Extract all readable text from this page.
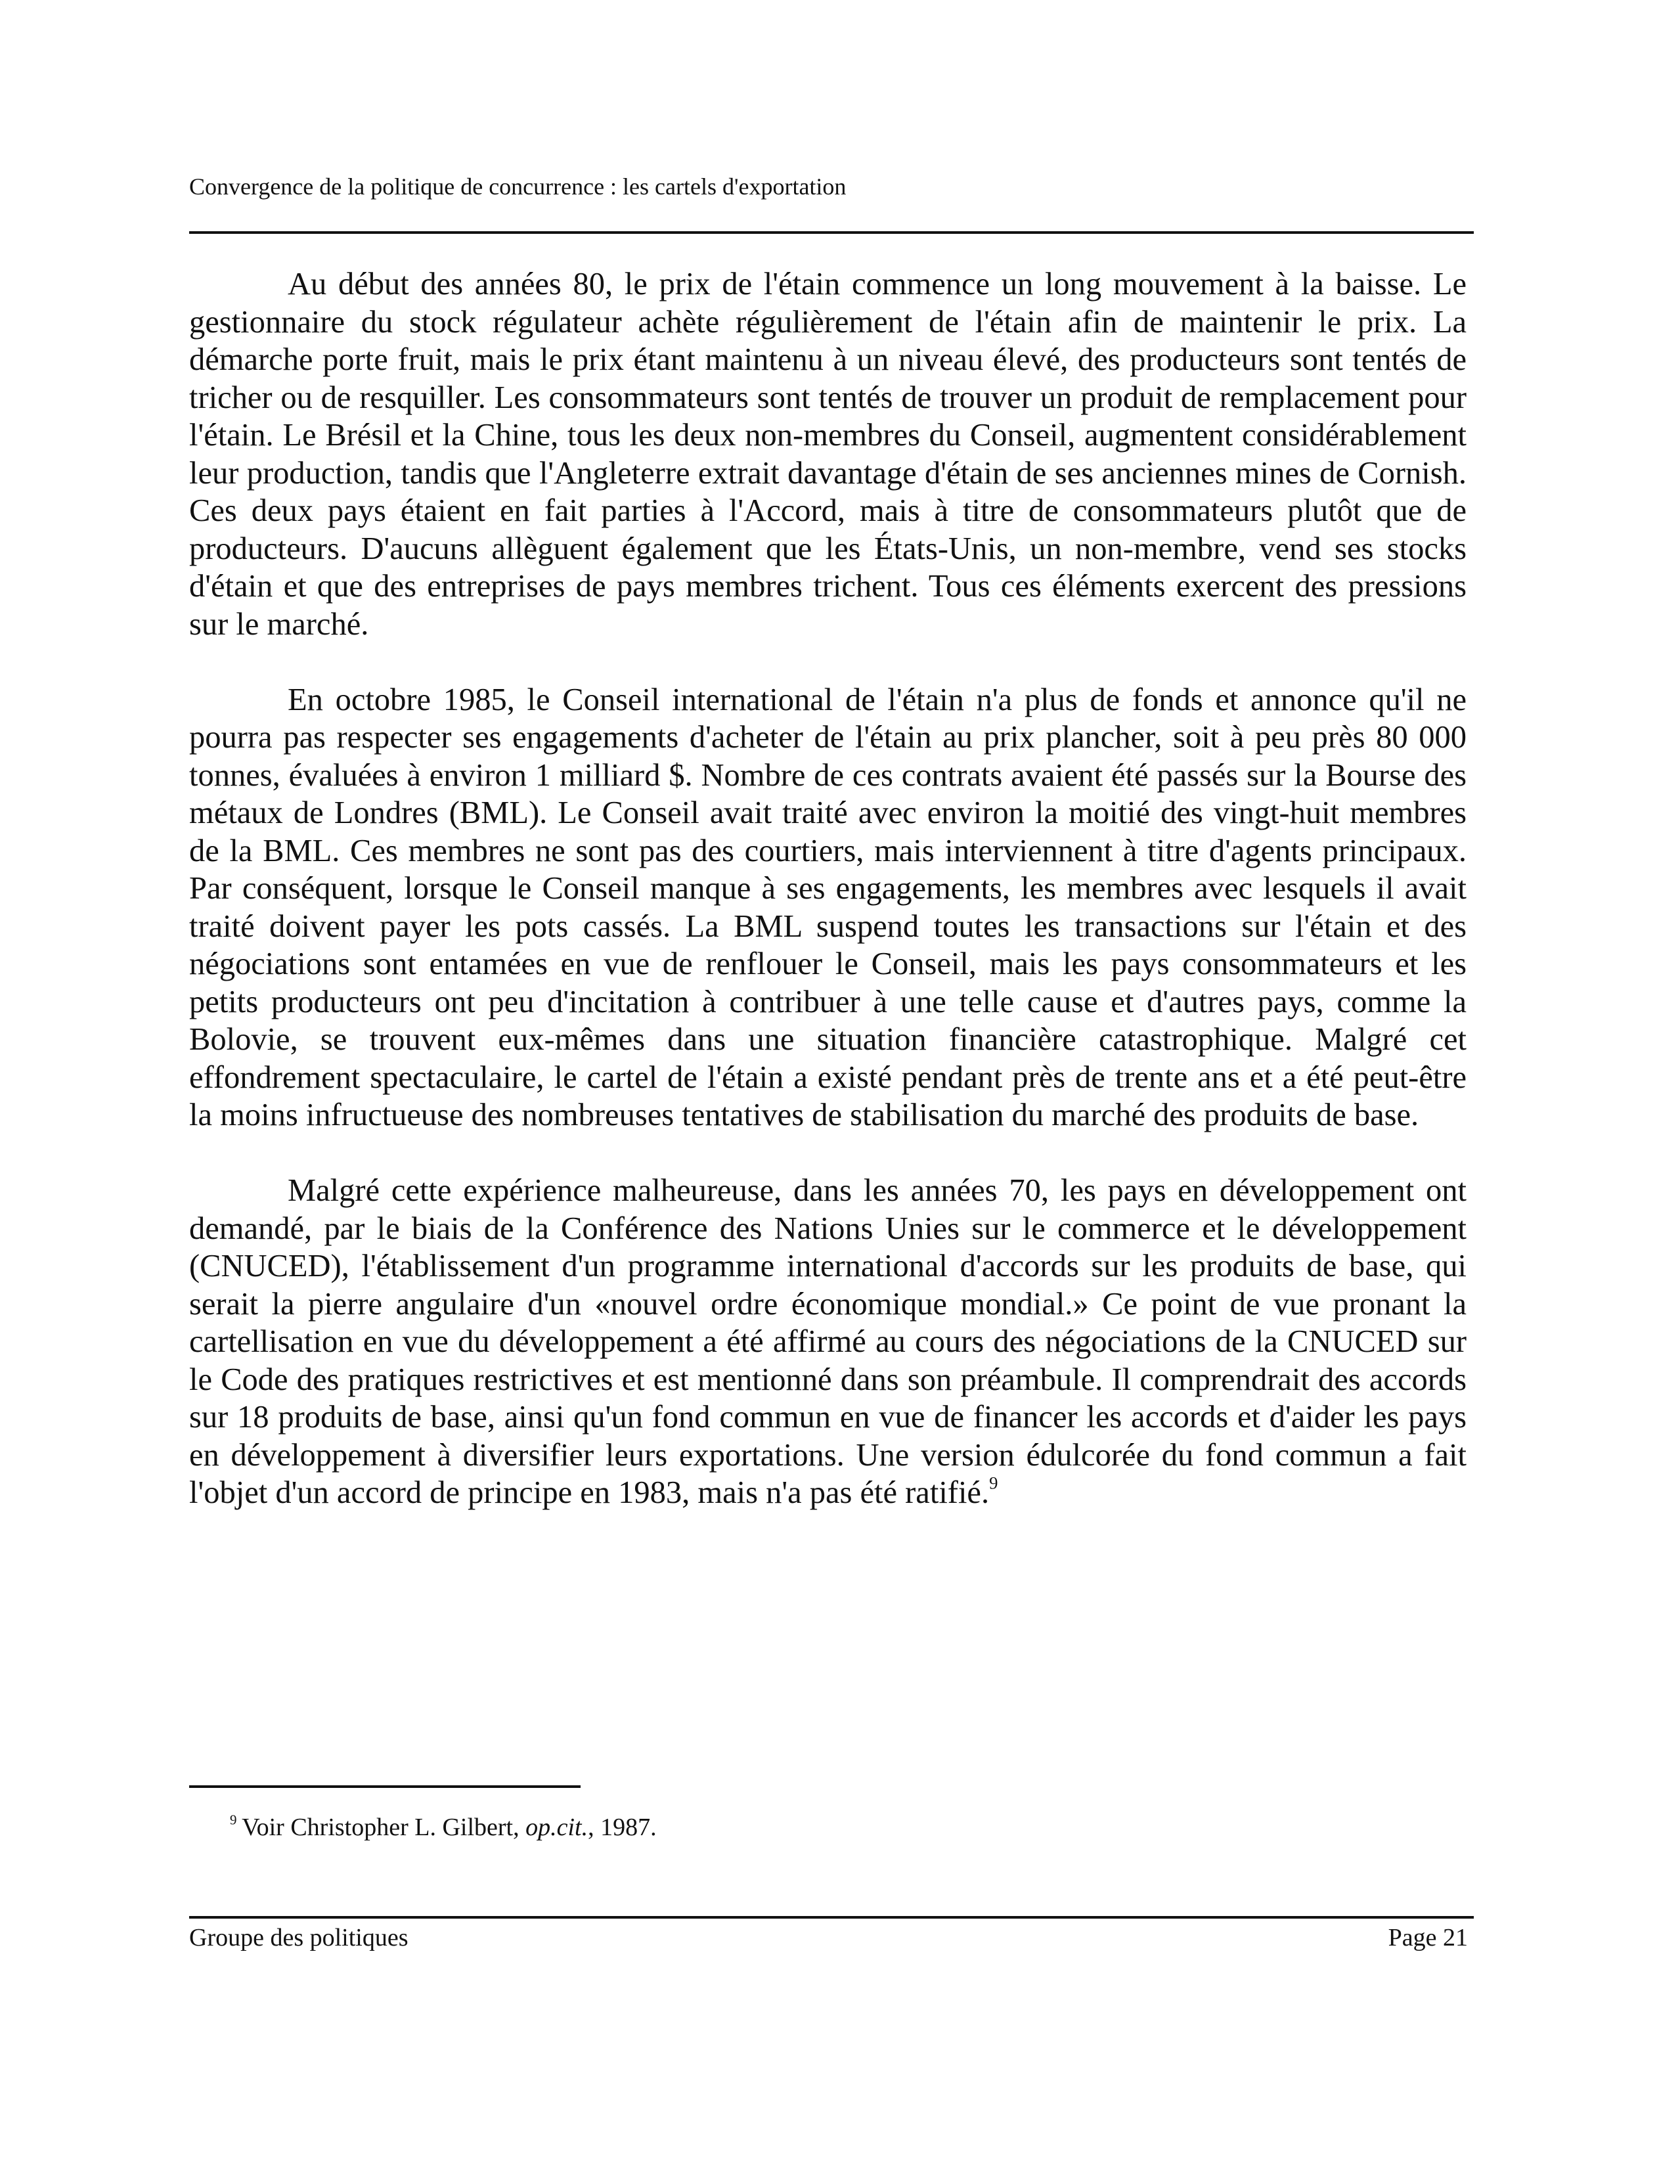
Convergence de la politique de concurrence : les cartels d'exportation

Au début des années 80, le prix de l'étain commence un long mouvement à la baisse. Le gestionnaire du stock régulateur achète régulièrement de l'étain afin de maintenir le prix. La démarche porte fruit, mais le prix étant maintenu à un niveau élevé, des producteurs sont tentés de tricher ou de resquiller. Les consommateurs sont tentés de trouver un produit de remplacement pour l'étain. Le Brésil et la Chine, tous les deux non-membres du Conseil, augmentent considérablement leur production, tandis que l'Angleterre extrait davantage d'étain de ses anciennes mines de Cornish. Ces deux pays étaient en fait parties à l'Accord, mais à titre de consommateurs plutôt que de producteurs. D'aucuns allèguent également que les États-Unis, un non-membre, vend ses stocks d'étain et que des entreprises de pays membres trichent. Tous ces éléments exercent des pressions sur le marché.

En octobre 1985, le Conseil international de l'étain n'a plus de fonds et annonce qu'il ne pourra pas respecter ses engagements d'acheter de l'étain au prix plancher, soit à peu près 80 000 tonnes, évaluées à environ 1 milliard $. Nombre de ces contrats avaient été passés sur la Bourse des métaux de Londres (BML). Le Conseil avait traité avec environ la moitié des vingt-huit membres de la BML. Ces membres ne sont pas des courtiers, mais interviennent à titre d'agents principaux. Par conséquent, lorsque le Conseil manque à ses engagements, les membres avec lesquels il avait traité doivent payer les pots cassés. La BML suspend toutes les transactions sur l'étain et des négociations sont entamées en vue de renflouer le Conseil, mais les pays consommateurs et les petits producteurs ont peu d'incitation à contribuer à une telle cause et d'autres pays, comme la Bolovie, se trouvent eux-mêmes dans une situation financière catastrophique. Malgré cet effondrement spectaculaire, le cartel de l'étain a existé pendant près de trente ans et a été peut-être la moins infructueuse des nombreuses tentatives de stabilisation du marché des produits de base.

Malgré cette expérience malheureuse, dans les années 70, les pays en développement ont demandé, par le biais de la Conférence des Nations Unies sur le commerce et le développement (CNUCED), l'établissement d'un programme international d'accords sur les produits de base, qui serait la pierre angulaire d'un «nouvel ordre économique mondial.» Ce point de vue pronant la cartellisation en vue du développement a été affirmé au cours des négociations de la CNUCED sur le Code des pratiques restrictives et est mentionné dans son préambule. Il comprendrait des accords sur 18 produits de base, ainsi qu'un fond commun en vue de financer les accords et d'aider les pays en développement à diversifier leurs exportations. Une version édulcorée du fond commun a fait l'objet d'un accord de principe en 1983, mais n'a pas été ratifié.$^9$

$^9$  Voir Christopher L. Gilbert, op.cit., 1987.
Groupe des politiques	Page 21
